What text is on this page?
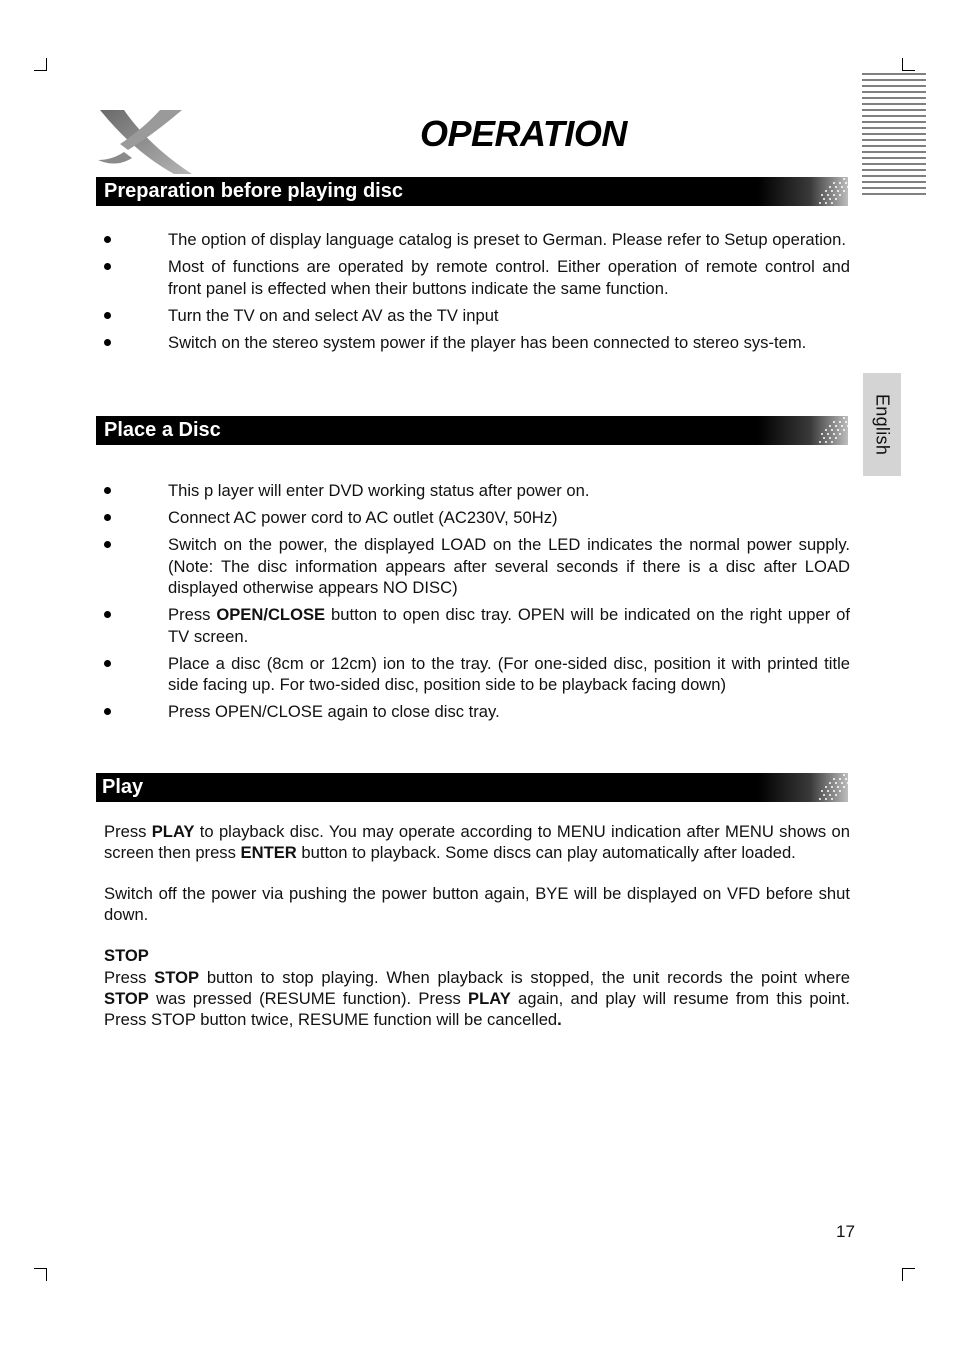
English
OPERATION
Preparation before playing disc
The option of display language catalog is preset to German. Please refer to Setup operation.
Most of functions are operated by remote control. Either operation of remote control and front panel is effected when their buttons indicate the same function.
Turn the TV on and select AV as the TV input
Switch on the stereo system power if the player has been connected to stereo sys-tem.
Place a Disc
This p layer will enter DVD working status after power on.
Connect AC power cord to AC outlet (AC230V, 50Hz)
Switch on the power, the displayed LOAD on the LED indicates the normal power supply. (Note: The disc information appears after several seconds if there is a disc after LOAD displayed otherwise appears NO DISC)
Press OPEN/CLOSE button to open disc tray. OPEN will be indicated on the right upper of TV screen.
Place a disc (8cm or 12cm) ion to the tray. (For one-sided disc, position it with printed title side facing up. For two-sided disc, position side to be playback facing down)
Press OPEN/CLOSE again to close disc tray.
Play

Press PLAY to playback disc. You may operate according to MENU indication after MENU shows on screen then press ENTER button to playback. Some discs can play automatically after loaded.

Switch off the power via pushing the power button again, BYE will be displayed on VFD before shut down.

STOP

Press STOP button to stop playing. When playback is stopped, the unit records the point where STOP was pressed (RESUME function). Press PLAY again, and play will resume from this point. Press STOP button twice, RESUME function will be cancelled.

17
